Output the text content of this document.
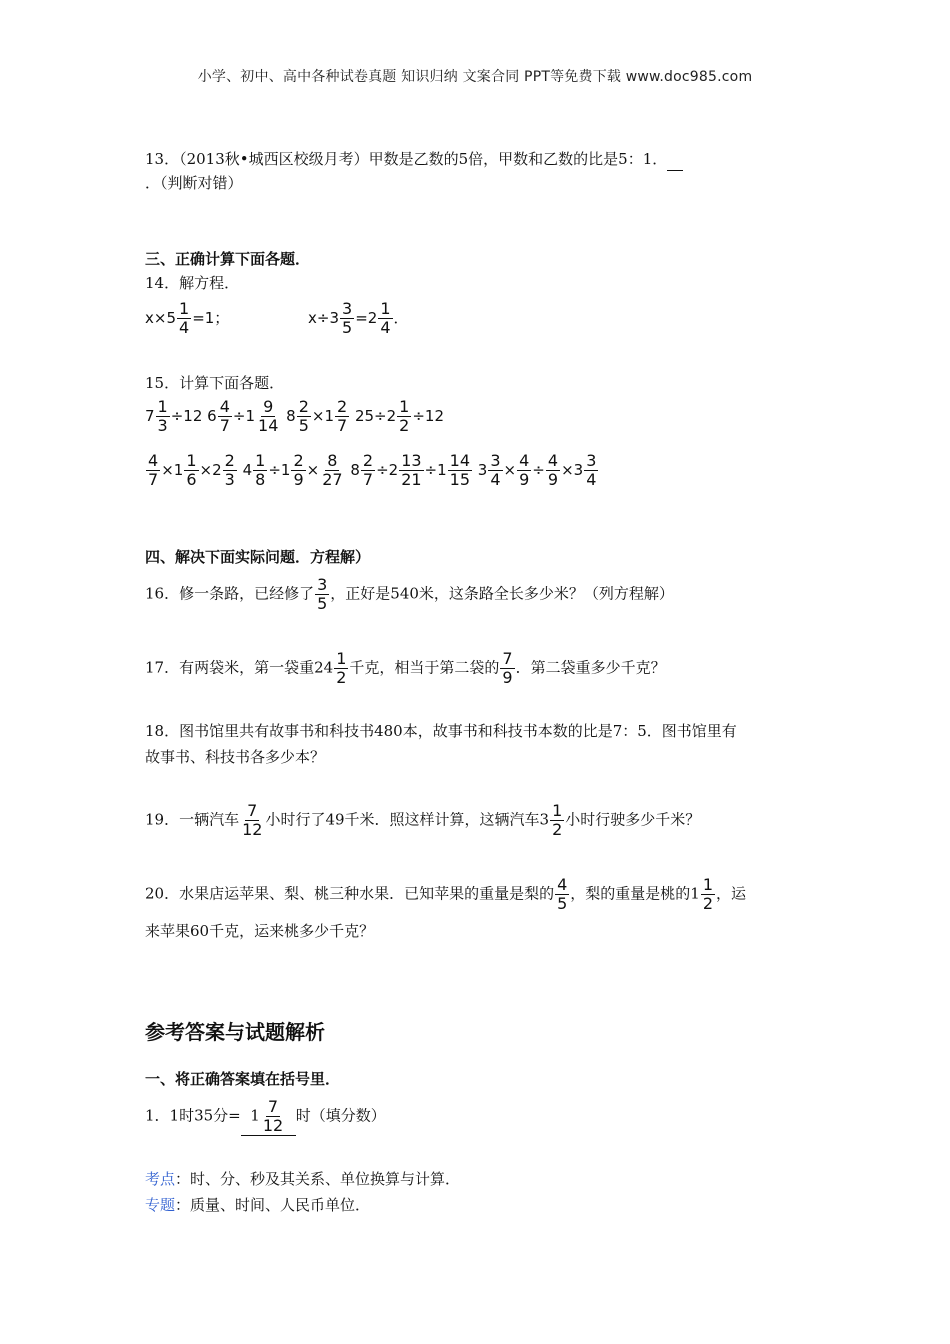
小学、初中、高中各种试卷真题 知识归纳 文案合同 PPT等免费下载 www.doc985.com
13．（2013秋•城西区校级月考）甲数是乙数的5倍，甲数和乙数的比是5：1．
．（判断对错）
三、正确计算下面各题．
14．解方程．
$x\times 5 \frac{1}{4} =1$；	$x\div 3 \frac{3}{5} =2 \frac{1}{4}$ ．
15．计算下面各题．
$7 \frac{1}{3} \div 12$ $6 \frac{4}{7} \div 1 \frac{9}{14} 8 \frac{2}{5} \times 1 \frac{2}{7} 25\div 2 \frac{1}{2} \div 12$
$\frac{4}{7} \times 1 \frac{1}{6} \times 2 \frac{2}{3} 4 \frac{1}{8} \div 1 \frac{2}{9} \times \frac{8}{27} 8 \frac{2}{7} \div 2 \frac{13}{21} \div 1 \frac{14}{15} 3 \frac{3}{4} \times \frac{4}{9} \div \frac{4}{9} \times 3 \frac{3}{4}$
四、解决下面实际问题．方程解）
16．修一条路，已经修了 $\frac{3}{5}$ ，正好是540米，这条路全长多少米？（列方程解）
17．有两袋米，第一袋重$24 \frac{1}{2}$ 千克，相当于第二袋的 $\frac{7}{9}$ ．第二袋重多少千克？
18．图书馆里共有故事书和科技书480本，故事书和科技书本数的比是7：5．图书馆里有
故事书、科技书各多少本？
19．一辆汽车 $\frac{7}{12}$ 小时行了49千米．照这样计算，这辆汽车$3 \frac{1}{2}$ 小时行驶多少千米？
20．水果店运苹果、梨、桃三种水果．已知苹果的重量是梨的 $\frac{4}{5}$ ，梨的重量是桃的$1 \frac{1}{2}$ ，运
来苹果60千克，运来桃多少千克？
参考答案与试题解析
一、将正确答案填在括号里．
1．1时35分= $1 \frac{7}{12}$ 时（填分数）
考点：时、分、秒及其关系、单位换算与计算．
专题：质量、时间、人民币单位．
